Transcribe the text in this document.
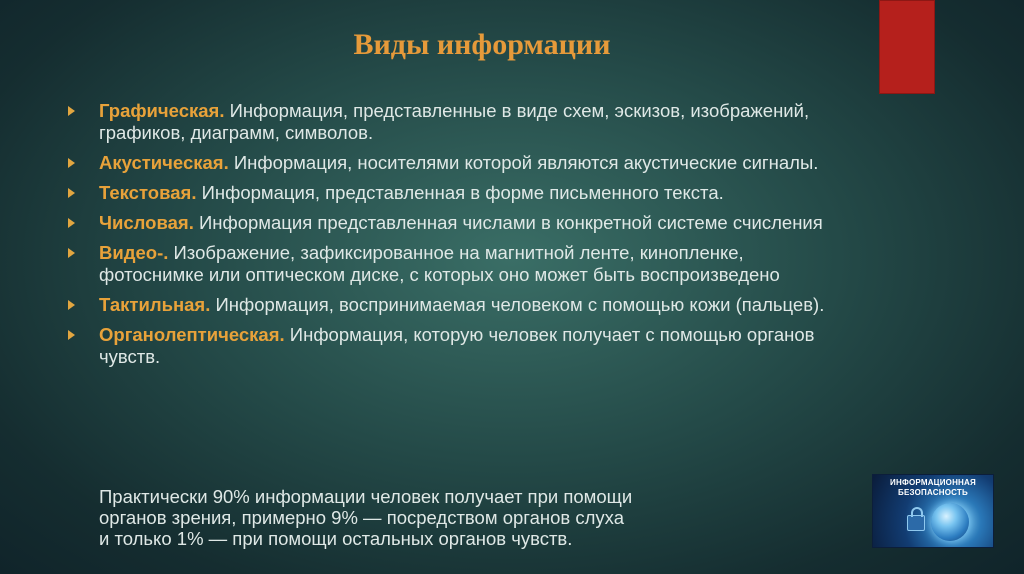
Виды информации
Графическая. Информация, представленные в виде схем, эскизов, изображений, графиков, диаграмм, символов.
Акустическая. Информация, носителями которой являются акустические сигналы.
Текстовая. Информация, представленная в форме письменного текста.
Числовая. Информация представленная числами в конкретной системе счисления
Видео-. Изображение, зафиксированное на магнитной ленте, кинопленке, фотоснимке или оптическом диске, с которых оно может быть воспроизведено
Тактильная. Информация, воспринимаемая человеком с помощью кожи (пальцев).
Органолептическая. Информация, которую человек получает с помощью органов чувств.
Практически 90% информации человек получает при помощи
органов зрения, примерно 9% — посредством органов слуха
и только 1% — при помощи остальных органов чувств.
ИНФОРМАЦИОННАЯ
БЕЗОПАСНОСТЬ
